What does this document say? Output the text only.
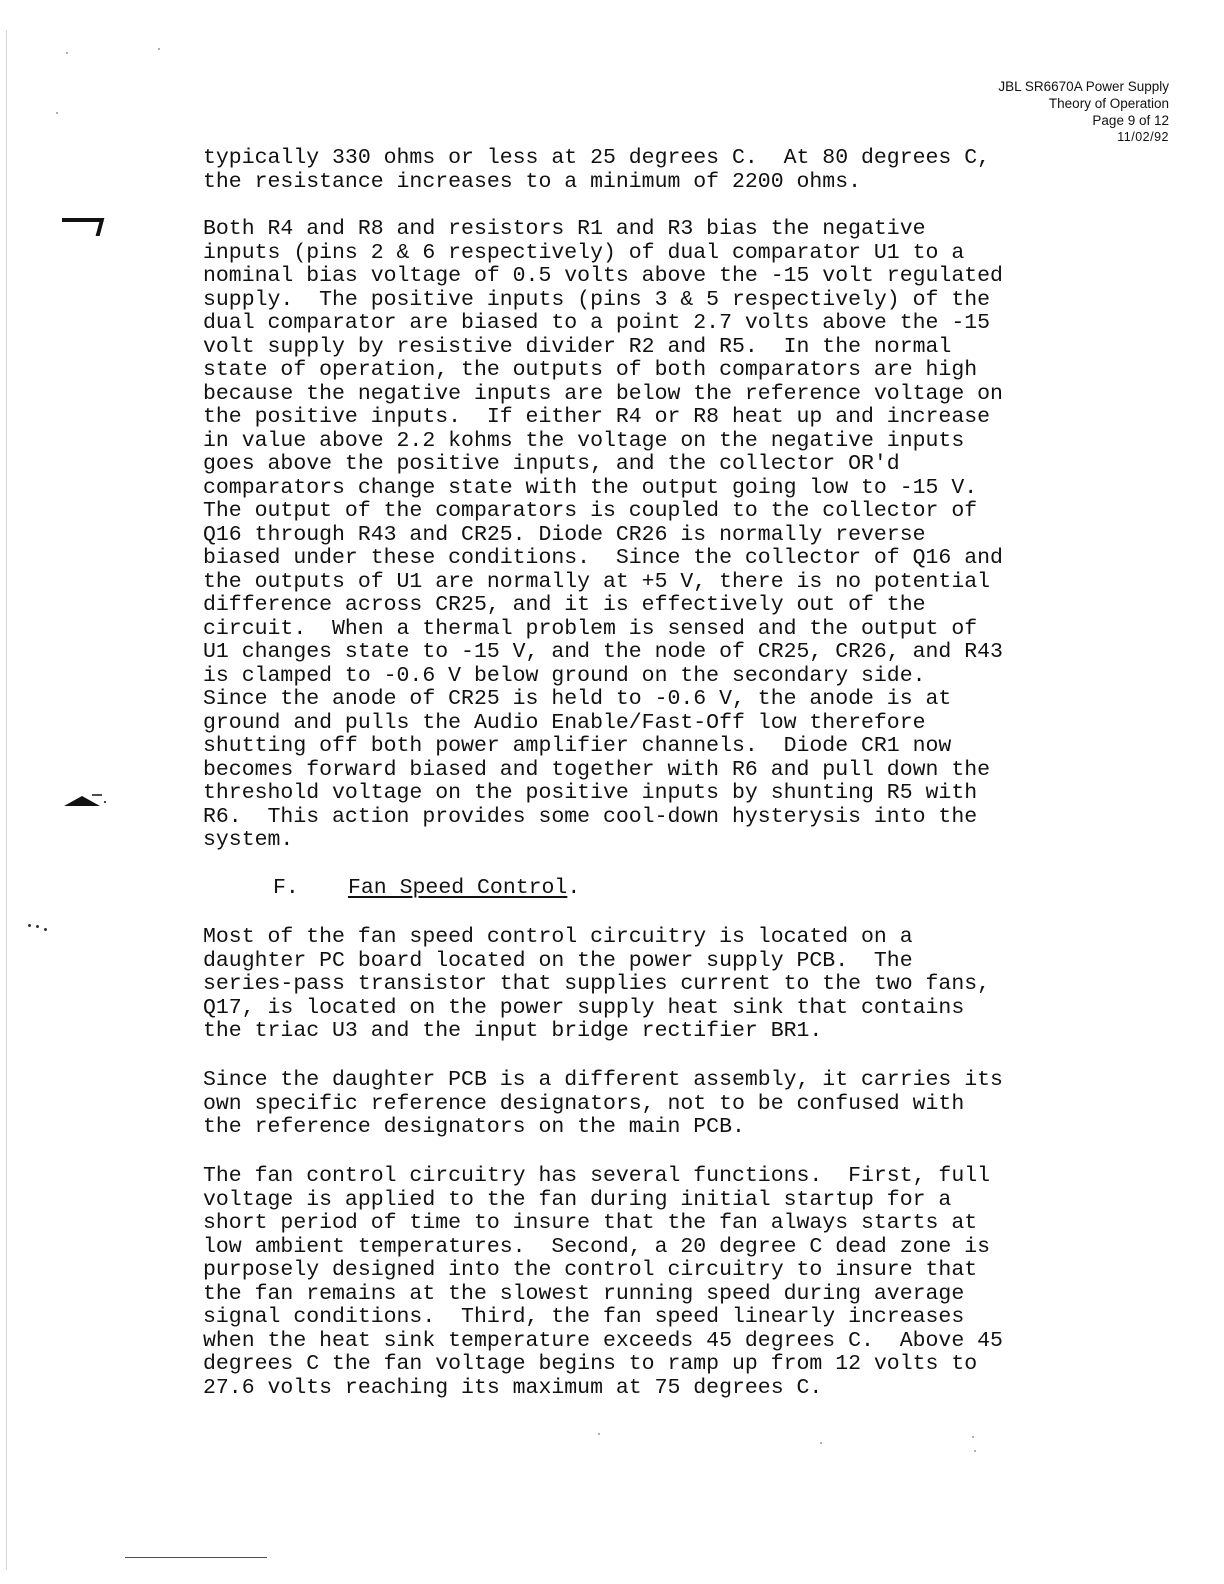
JBL SR6670A Power Supply
Theory of Operation
Page 9 of 12
11/02/92
typically 330 ohms or less at 25 degrees C.  At 80 degrees C,
the resistance increases to a minimum of 2200 ohms.
Both R4 and R8 and resistors R1 and R3 bias the negative
inputs (pins 2 & 6 respectively) of dual comparator U1 to a
nominal bias voltage of 0.5 volts above the -15 volt regulated
supply.  The positive inputs (pins 3 & 5 respectively) of the
dual comparator are biased to a point 2.7 volts above the -15
volt supply by resistive divider R2 and R5.  In the normal
state of operation, the outputs of both comparators are high
because the negative inputs are below the reference voltage on
the positive inputs.  If either R4 or R8 heat up and increase
in value above 2.2 kohms the voltage on the negative inputs
goes above the positive inputs, and the collector OR'd
comparators change state with the output going low to -15 V.
The output of the comparators is coupled to the collector of
Q16 through R43 and CR25. Diode CR26 is normally reverse
biased under these conditions.  Since the collector of Q16 and
the outputs of U1 are normally at +5 V, there is no potential
difference across CR25, and it is effectively out of the
circuit.  When a thermal problem is sensed and the output of
U1 changes state to -15 V, and the node of CR25, CR26, and R43
is clamped to -0.6 V below ground on the secondary side.
Since the anode of CR25 is held to -0.6 V, the anode is at
ground and pulls the Audio Enable/Fast-Off low therefore
shutting off both power amplifier channels.  Diode CR1 now
becomes forward biased and together with R6 and pull down the
threshold voltage on the positive inputs by shunting R5 with
R6.  This action provides some cool-down hysterysis into the
system.
F. Fan Speed Control.
Most of the fan speed control circuitry is located on a
daughter PC board located on the power supply PCB.  The
series-pass transistor that supplies current to the two fans,
Q17, is located on the power supply heat sink that contains
the triac U3 and the input bridge rectifier BR1.
Since the daughter PCB is a different assembly, it carries its
own specific reference designators, not to be confused with
the reference designators on the main PCB.
The fan control circuitry has several functions.  First, full
voltage is applied to the fan during initial startup for a
short period of time to insure that the fan always starts at
low ambient temperatures.  Second, a 20 degree C dead zone is
purposely designed into the control circuitry to insure that
the fan remains at the slowest running speed during average
signal conditions.  Third, the fan speed linearly increases
when the heat sink temperature exceeds 45 degrees C.  Above 45
degrees C the fan voltage begins to ramp up from 12 volts to
27.6 volts reaching its maximum at 75 degrees C.
